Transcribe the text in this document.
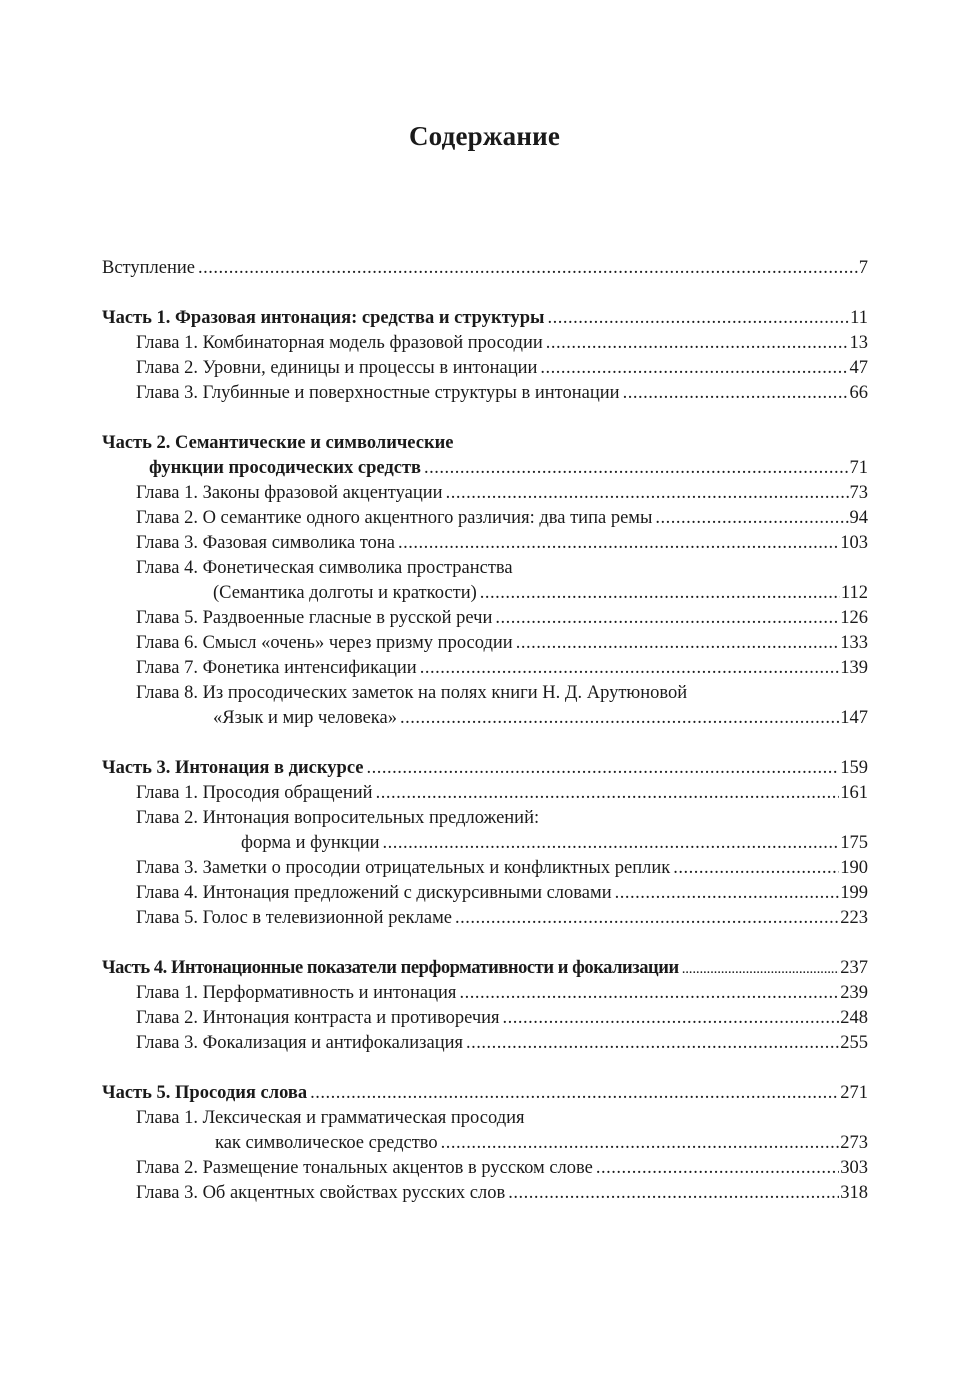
Содержание
Вступление .....	7
Часть 1. Фразовая интонация: средства и структуры .....	11
Глава 1. Комбинаторная модель фразовой просодии .....	13
Глава 2. Уровни, единицы и процессы в интонации .....	47
Глава 3. Глубинные и поверхностные структуры в интонации .....	66
Часть 2. Семантические и символические
функции просодических средств .....	71
Глава 1. Законы фразовой акцентуации .....	73
Глава 2. О семантике одного акцентного различия: два типа ремы .....	94
Глава 3. Фазовая символика тона .....	103
Глава 4. Фонетическая символика пространства
(Семантика долготы и краткости) .....	112
Глава 5. Раздвоенные гласные в русской речи .....	126
Глава 6. Смысл «очень» через призму просодии .....	133
Глава 7. Фонетика интенсификации .....	139
Глава 8. Из просодических заметок на полях книги Н. Д. Арутюновой
«Язык и мир человека» .....	147
Часть 3. Интонация в дискурсе .....	159
Глава 1. Просодия обращений .....	161
Глава 2. Интонация вопросительных предложений:
форма и функции .....	175
Глава 3. Заметки о просодии отрицательных и конфликтных реплик .....	190
Глава 4. Интонация предложений с дискурсивными словами .....	199
Глава 5. Голос в телевизионной рекламе .....	223
Часть 4. Интонационные показатели перформативности и фокализации .....	237
Глава 1. Перформативность и интонация .....	239
Глава 2. Интонация контраста и противоречия .....	248
Глава 3. Фокализация и антифокализация .....	255
Часть 5. Просодия слова .....	271
Глава 1. Лексическая и грамматическая просодия
как символическое средство .....	273
Глава 2. Размещение тональных акцентов в русском слове .....	303
Глава 3. Об акцентных свойствах русских слов .....	318
